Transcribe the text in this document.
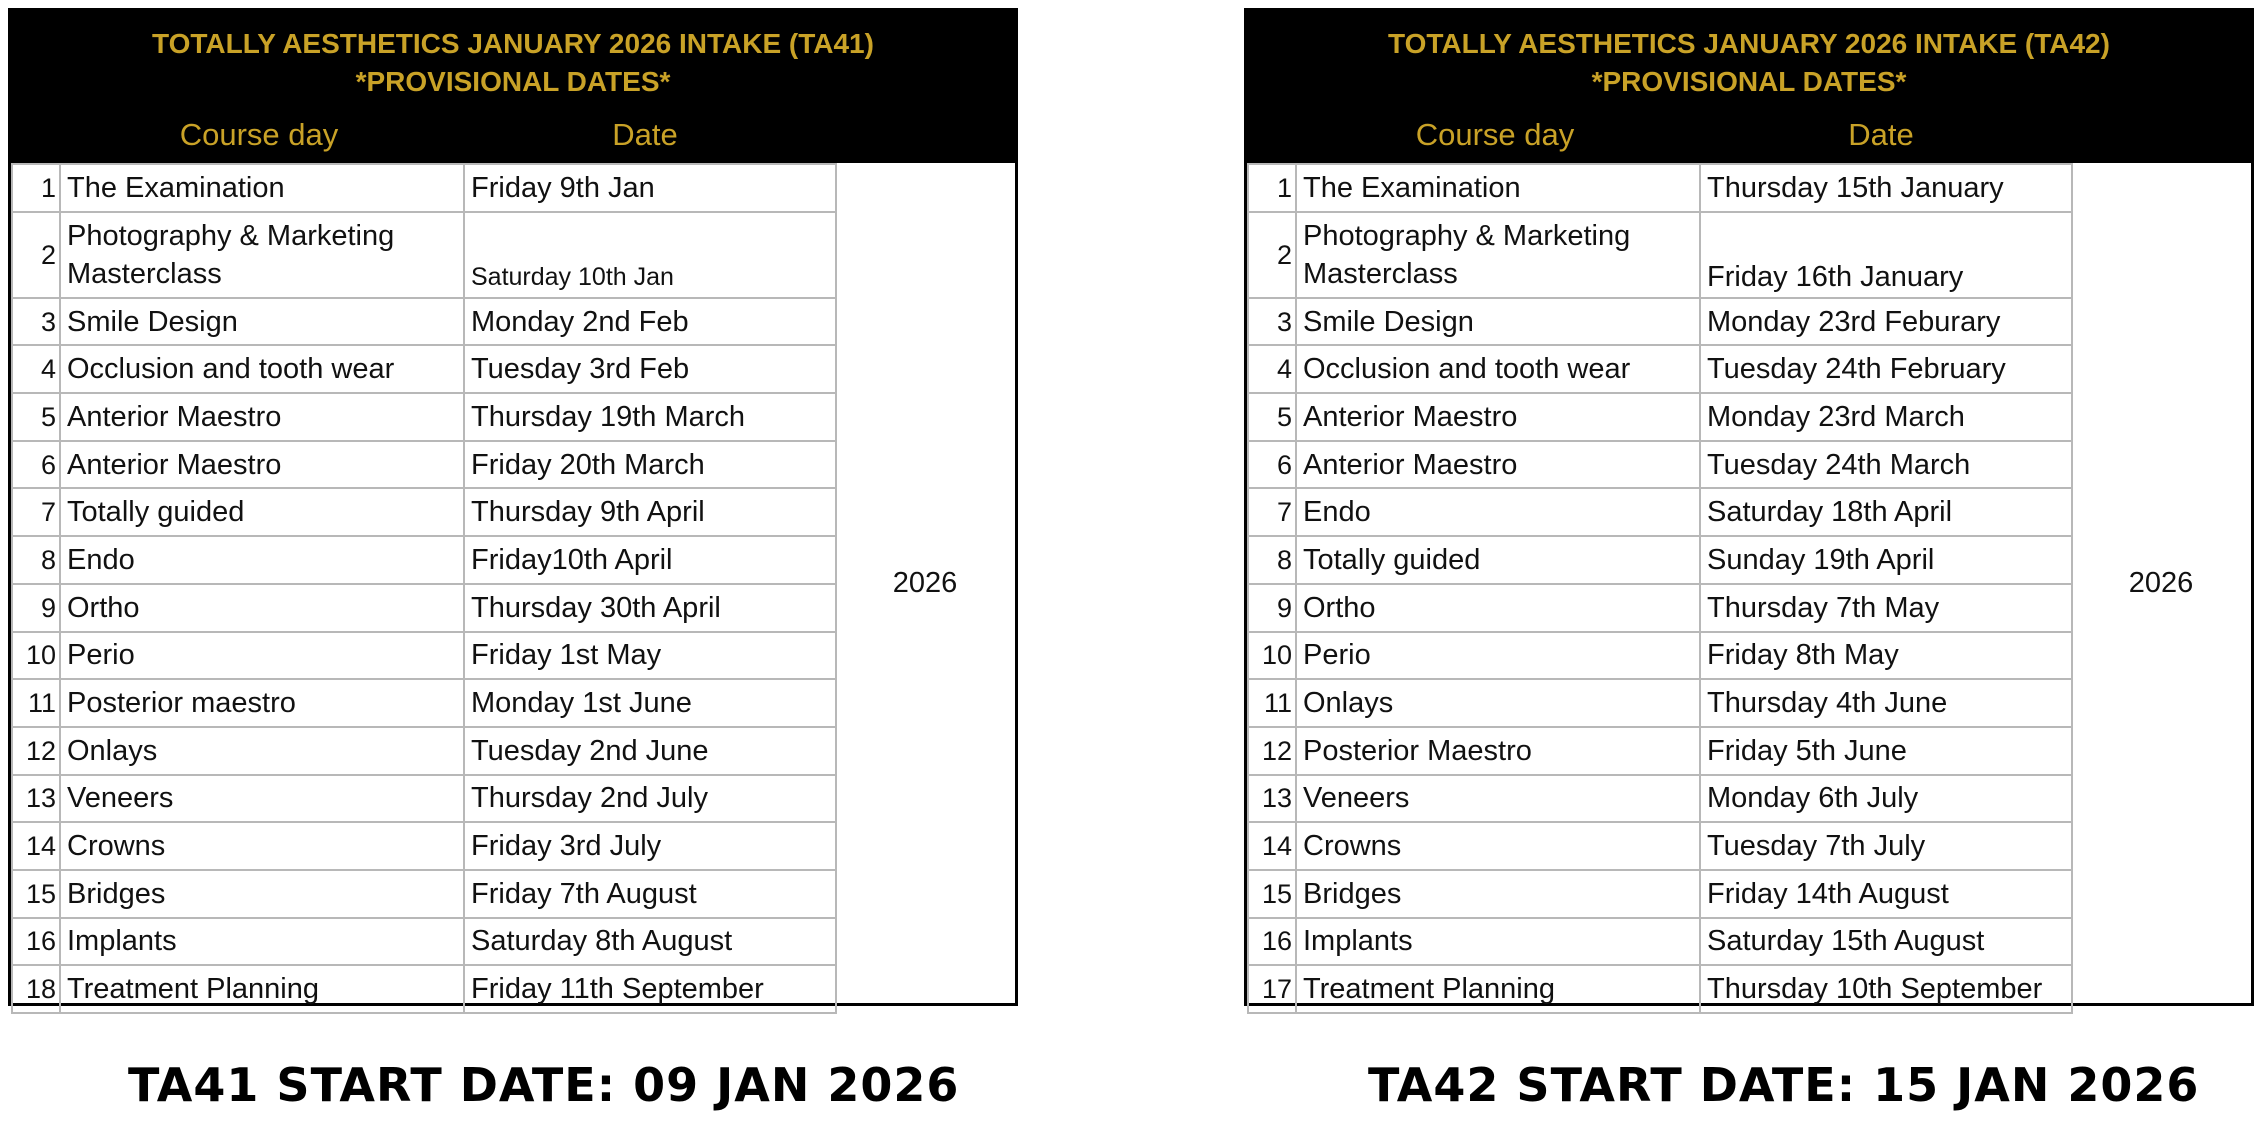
TOTALLY AESTHETICS JANUARY 2026 INTAKE (TA41)
*PROVISIONAL DATES*
Course day	Date
1	The Examination	Friday 9th Jan
2	Photography & Marketing Masterclass	Saturday 10th Jan
3	Smile Design	Monday 2nd Feb
4	Occlusion and tooth wear	Tuesday 3rd Feb
5	Anterior Maestro	Thursday 19th March
6	Anterior Maestro	Friday 20th March
7	Totally guided	Thursday 9th April
8	Endo	Friday10th April
9	Ortho	Thursday 30th April
10	Perio	Friday 1st May
11	Posterior maestro	Monday 1st June
12	Onlays	Tuesday 2nd June
13	Veneers	Thursday 2nd July
14	Crowns	Friday 3rd July
15	Bridges	Friday 7th August
16	Implants	Saturday 8th August
18	Treatment Planning	Friday 11th September
2026
TOTALLY AESTHETICS JANUARY 2026 INTAKE (TA42)
*PROVISIONAL DATES*
Course day	Date
1	The Examination	Thursday 15th January
2	Photography & Marketing Masterclass	Friday 16th January
3	Smile Design	Monday 23rd Feburary
4	Occlusion and tooth wear	Tuesday 24th February
5	Anterior Maestro	Monday 23rd March
6	Anterior Maestro	Tuesday 24th March
7	Endo	Saturday 18th April
8	Totally guided	Sunday 19th April
9	Ortho	Thursday 7th May
10	Perio	Friday 8th May
11	Onlays	Thursday 4th June
12	Posterior Maestro	Friday 5th June
13	Veneers	Monday 6th July
14	Crowns	Tuesday 7th July
15	Bridges	Friday 14th August
16	Implants	Saturday 15th August
17	Treatment Planning	Thursday 10th September
2026
TA41 START DATE: 09 JAN 2026	TA42 START DATE: 15 JAN 2026
